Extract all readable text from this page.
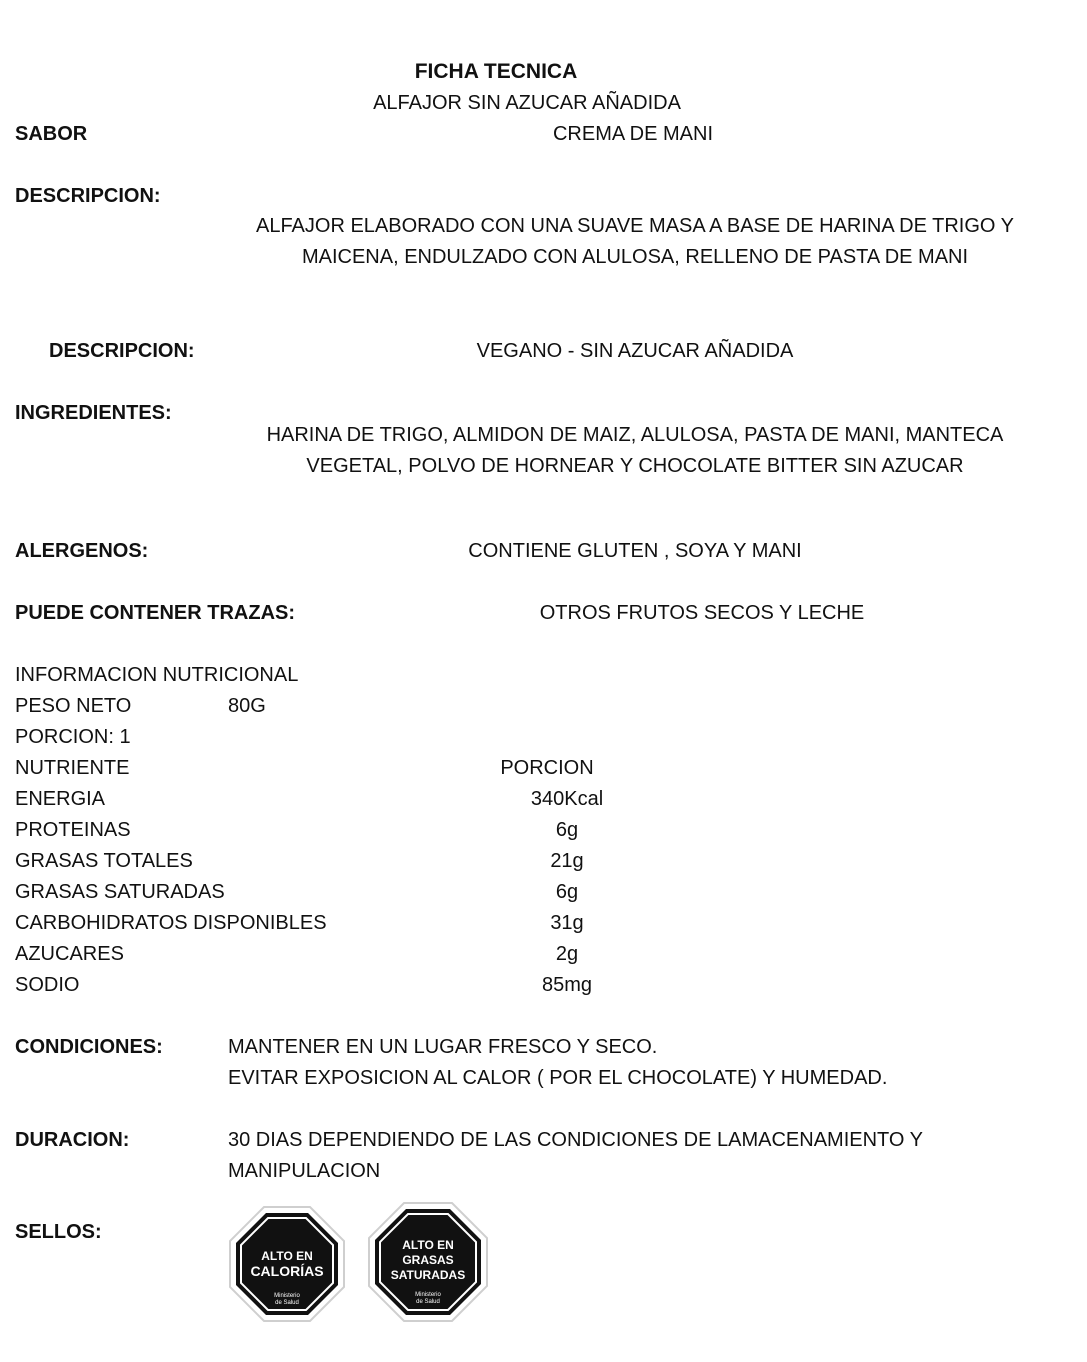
FICHA TECNICA
ALFAJOR SIN AZUCAR AÑADIDA
SABOR	CREMA DE MANI
DESCRIPCION:
ALFAJOR ELABORADO CON UNA SUAVE MASA A BASE DE HARINA DE TRIGO Y
MAICENA, ENDULZADO CON ALULOSA, RELLENO DE PASTA DE MANI
DESCRIPCION:	VEGANO - SIN AZUCAR AÑADIDA
INGREDIENTES:
HARINA DE TRIGO, ALMIDON DE MAIZ, ALULOSA, PASTA DE MANI, MANTECA
VEGETAL, POLVO DE HORNEAR Y CHOCOLATE BITTER SIN AZUCAR
ALERGENOS:	CONTIENE GLUTEN , SOYA Y MANI
PUEDE CONTENER TRAZAS:	OTROS FRUTOS SECOS Y LECHE
INFORMACION NUTRICIONAL
PESO NETO	80G
PORCION: 1
NUTRIENTE	PORCION
ENERGIA	340Kcal
PROTEINAS	6g
GRASAS TOTALES	21g
GRASAS SATURADAS	6g
CARBOHIDRATOS DISPONIBLES	31g
AZUCARES	2g
SODIO	85mg
CONDICIONES:	MANTENER EN UN LUGAR FRESCO Y SECO.
EVITAR EXPOSICION AL CALOR ( POR EL CHOCOLATE) Y HUMEDAD.
DURACION:	30 DIAS DEPENDIENDO DE LAS CONDICIONES DE LAMACENAMIENTO Y
MANIPULACION
SELLOS:
ALTO EN
CALORÍAS
Ministerio
de Salud
ALTO EN
GRASAS
SATURADAS
Ministerio
de Salud
